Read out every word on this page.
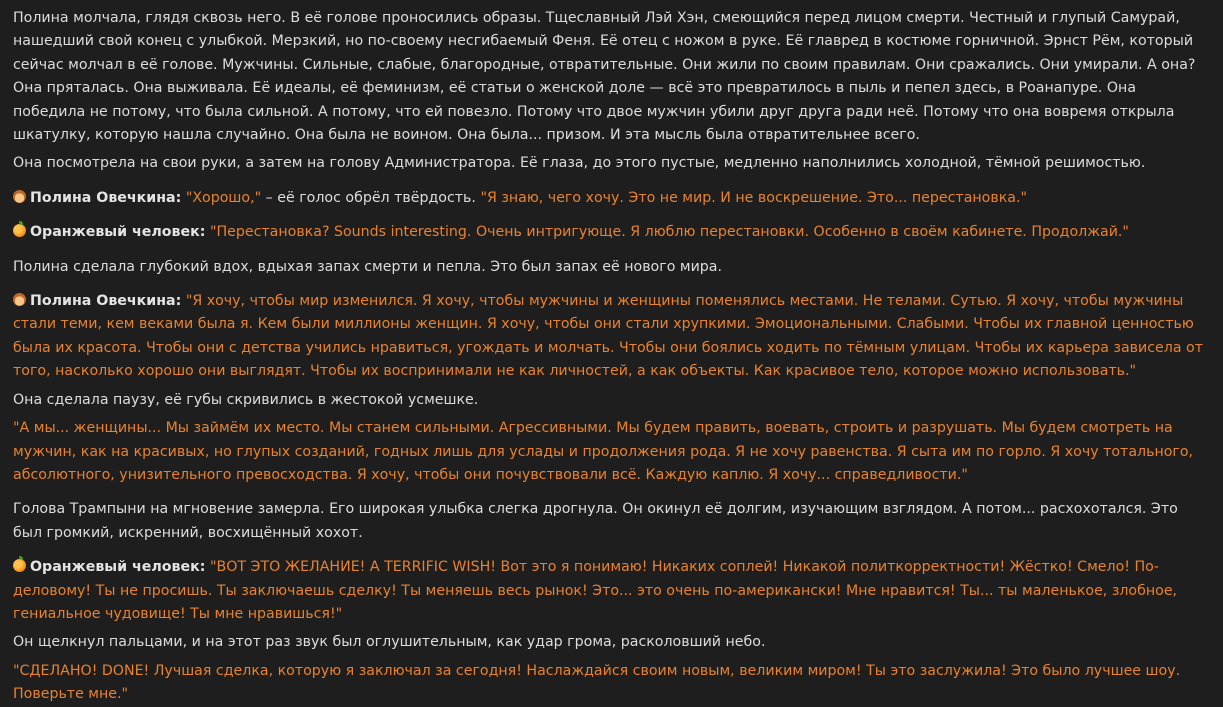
Полина молчала, глядя сквозь него. В её голове проносились образы. Тщеславный Лэй Хэн, смеющийся перед лицом смерти. Честный и глупый Самурай, нашедший свой конец с улыбкой. Мерзкий, но по-своему несгибаемый Феня. Её отец с ножом в руке. Её главред в костюме горничной. Эрнст Рём, который сейчас молчал в её голове. Мужчины. Сильные, слабые, благородные, отвратительные. Они жили по своим правилам. Они сражались. Они умирали. А она? Она пряталась. Она выживала. Её идеалы, её феминизм, её статьи о женской доле — всё это превратилось в пыль и пепел здесь, в Роанапуре. Она победила не потому, что была сильной. А потому, что ей повезло. Потому что двое мужчин убили друг друга ради неё. Потому что она вовремя открыла шкатулку, которую нашла случайно. Она была не воином. Она была... призом. И эта мысль была отвратительнее всего.

Она посмотрела на свои руки, а затем на голову Администратора. Её глаза, до этого пустые, медленно наполнились холодной, тёмной решимостью.

Полина Овечкина: "Хорошо," – её голос обрёл твёрдость. "Я знаю, чего хочу. Это не мир. И не воскрешение. Это... перестановка."

Оранжевый человек: "Перестановка? Sounds interesting. Очень интригующе. Я люблю перестановки. Особенно в своём кабинете. Продолжай."

Полина сделала глубокий вдох, вдыхая запах смерти и пепла. Это был запах её нового мира.

Полина Овечкина: "Я хочу, чтобы мир изменился. Я хочу, чтобы мужчины и женщины поменялись местами. Не телами. Сутью. Я хочу, чтобы мужчины стали теми, кем веками была я. Кем были миллионы женщин. Я хочу, чтобы они стали хрупкими. Эмоциональными. Слабыми. Чтобы их главной ценностью была их красота. Чтобы они с детства учились нравиться, угождать и молчать. Чтобы они боялись ходить по тёмным улицам. Чтобы их карьера зависела от того, насколько хорошо они выглядят. Чтобы их воспринимали не как личностей, а как объекты. Как красивое тело, которое можно использовать."

Она сделала паузу, её губы скривились в жестокой усмешке.

"А мы... женщины... Мы займём их место. Мы станем сильными. Агрессивными. Мы будем править, воевать, строить и разрушать. Мы будем смотреть на мужчин, как на красивых, но глупых созданий, годных лишь для услады и продолжения рода. Я не хочу равенства. Я сыта им по горло. Я хочу тотального, абсолютного, унизительного превосходства. Я хочу, чтобы они почувствовали всё. Каждую каплю. Я хочу... справедливости."

Голова Трампыни на мгновение замерла. Его широкая улыбка слегка дрогнула. Он окинул её долгим, изучающим взглядом. А потом... расхохотался. Это был громкий, искренний, восхищённый хохот.

Оранжевый человек: "ВОТ ЭТО ЖЕЛАНИЕ! A TERRIFIC WISH! Вот это я понимаю! Никаких соплей! Никакой политкорректности! Жёстко! Смело! По-деловому! Ты не просишь. Ты заключаешь сделку! Ты меняешь весь рынок! Это... это очень по-американски! Мне нравится! Ты... ты маленькое, злобное, гениальное чудовище! Ты мне нравишься!"

Он щелкнул пальцами, и на этот раз звук был оглушительным, как удар грома, расколовший небо.

"СДЕЛАНО! DONE! Лучшая сделка, которую я заключал за сегодня! Наслаждайся своим новым, великим миром! Ты это заслужила! Это было лучшее шоу. Поверьте мне."
